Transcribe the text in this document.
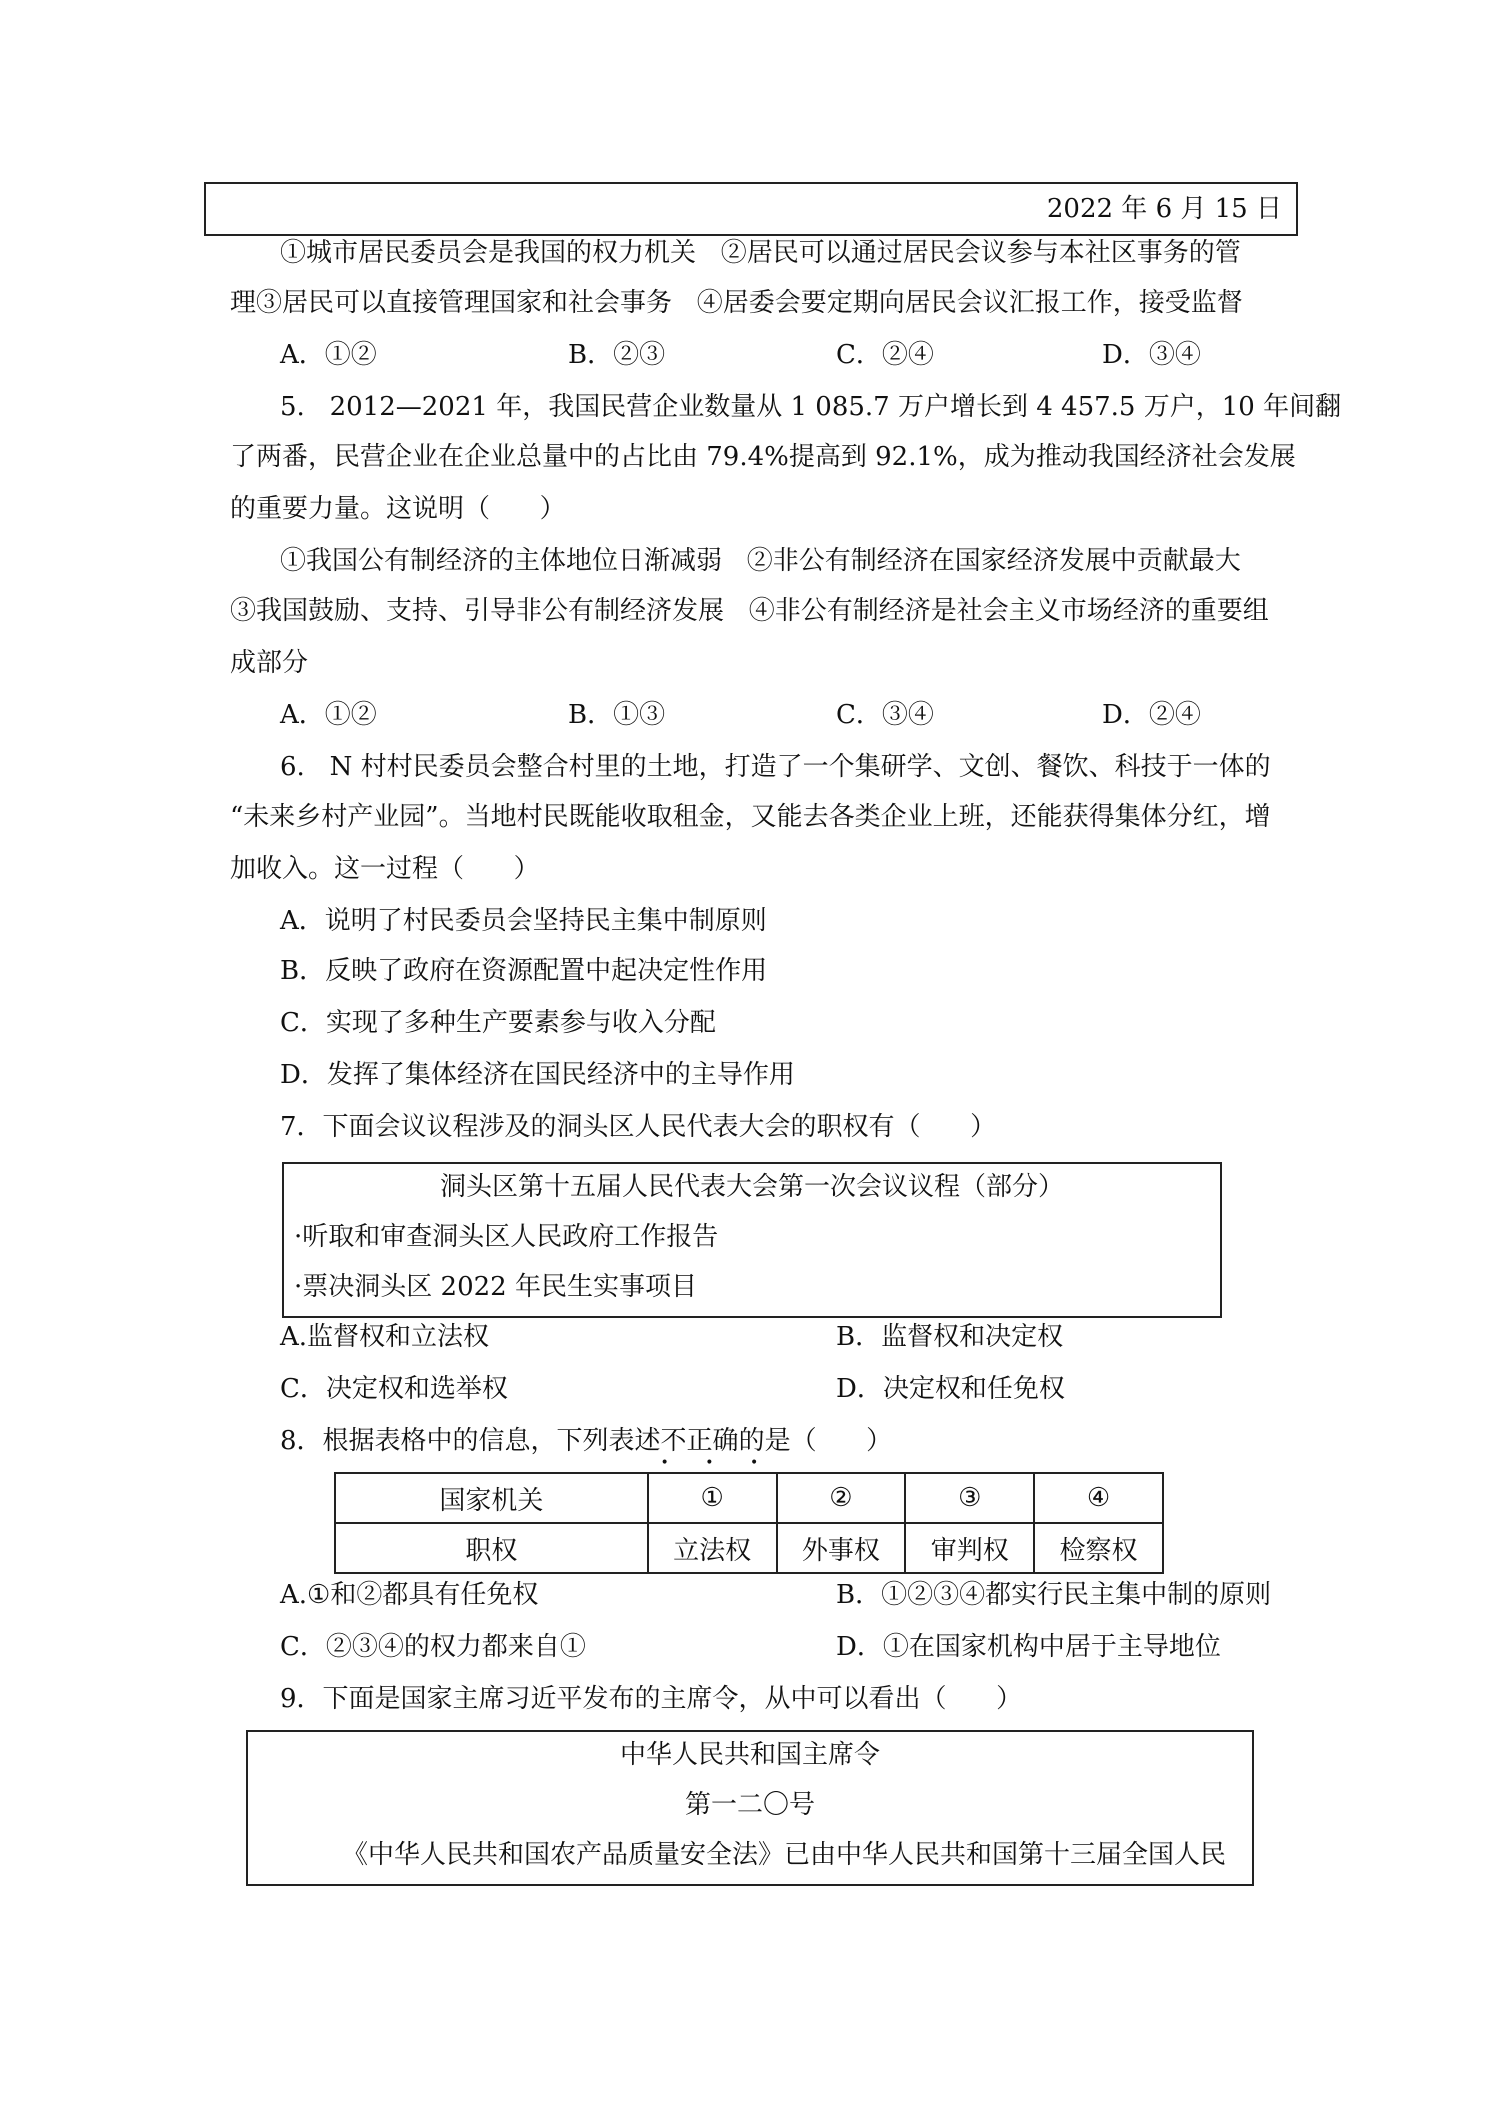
2022 年 6 月 15 日
①城市居民委员会是我国的权力机关   ②居民可以通过居民会议参与本社区事务的管
理③居民可以直接管理国家和社会事务   ④居委会要定期向居民会议汇报工作，接受监督
A．①②	B．②③	C．②④	D．③④
5.   2012—2021 年，我国民营企业数量从 1 085.7 万户增长到 4 457.5 万户，10 年间翻
了两番，民营企业在企业总量中的占比由 79.4%提高到 92.1%，成为推动我国经济社会发展
的重要力量。这说明（      ）
①我国公有制经济的主体地位日渐减弱   ②非公有制经济在国家经济发展中贡献最大
③我国鼓励、支持、引导非公有制经济发展   ④非公有制经济是社会主义市场经济的重要组
成部分
A．①②	B．①③	C．③④	D．②④
6.   N 村村民委员会整合村里的土地，打造了一个集研学、文创、餐饮、科技于一体的
“未来乡村产业园”。当地村民既能收取租金，又能去各类企业上班，还能获得集体分红，增
加收入。这一过程（      ）
A．说明了村民委员会坚持民主集中制原则
B．反映了政府在资源配置中起决定性作用
C．实现了多种生产要素参与收入分配
D．发挥了集体经济在国民经济中的主导作用
7．下面会议议程涉及的洞头区人民代表大会的职权有（      ）
洞头区第十五届人民代表大会第一次会议议程（部分）
·听取和审查洞头区人民政府工作报告
·票决洞头区 2022 年民生实事项目
A.监督权和立法权	B．监督权和决定权
C．决定权和选举权	D．决定权和任免权
8．根据表格中的信息，下列表述不正确
• • •
的是（      ）
国家机关	①	②	③	④
职权	立法权	外事权	审判权	检察权
A.①和②都具有任免权	B．①②③④都实行民主集中制的原则
C．②③④的权力都来自①	D．①在国家机构中居于主导地位
9．下面是国家主席习近平发布的主席令，从中可以看出（      ）
中华人民共和国主席令
第一二〇号
《中华人民共和国农产品质量安全法》已由中华人民共和国第十三届全国人民
